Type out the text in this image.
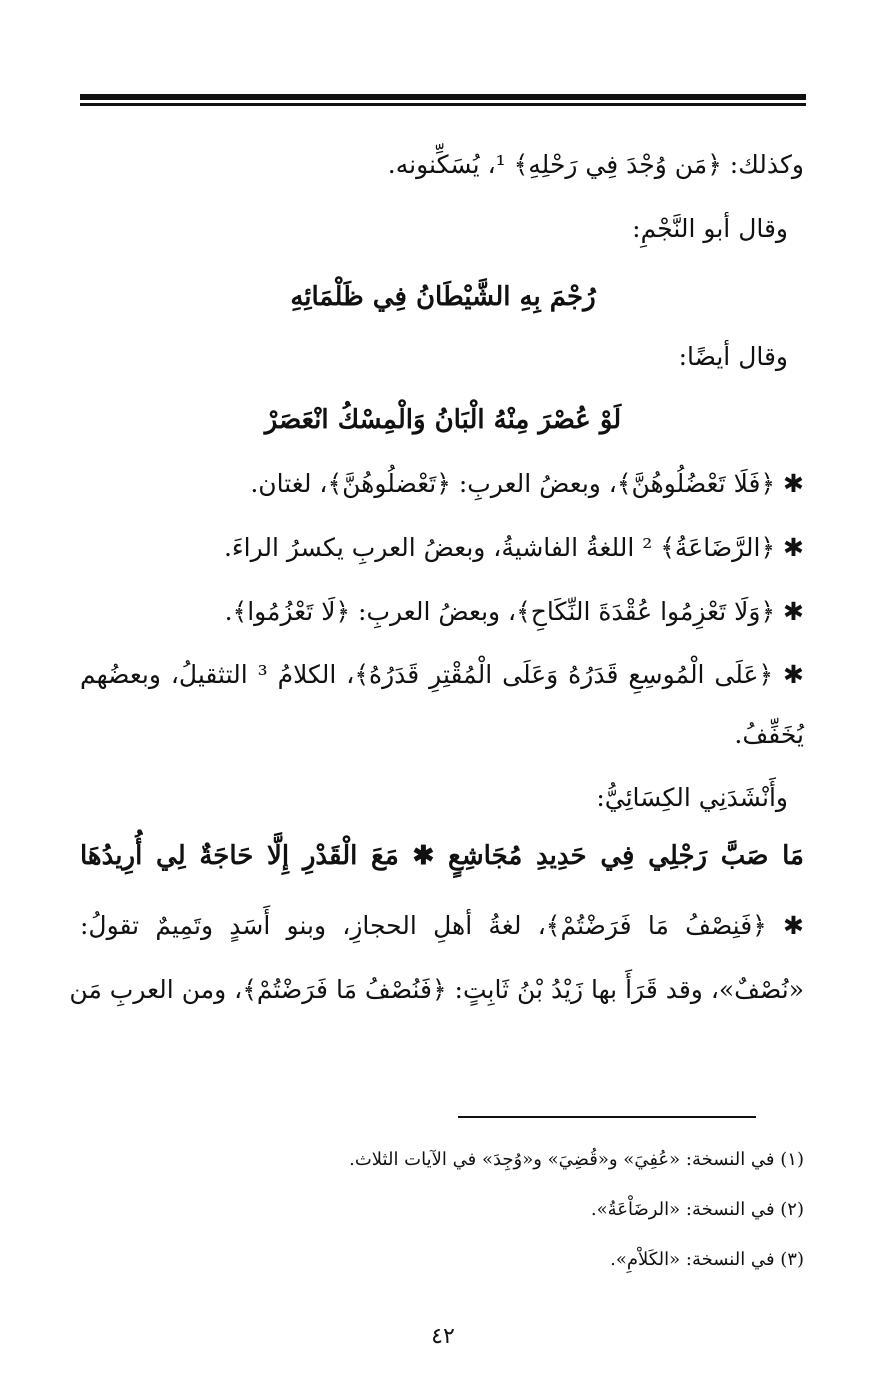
وكذلك: ﴿مَن وُجْدَ فِي رَحْلِهِ﴾ ¹، يُسَكِّنونه.
وقال أبو النَّجْمِ:
رُجْمَ بِهِ الشَّيْطَانُ فِي ظَلْمَائِهِ
وقال أيضًا:
لَوْ عُصْرَ مِنْهُ الْبَانُ وَالْمِسْكُ انْعَصَرْ
✱ ﴿فَلَا تَعْضُلُوهُنَّ﴾، وبعضُ العربِ: ﴿تَعْضلُوهُنَّ﴾، لغتان.
✱ ﴿الرَّضَاعَةُ﴾ ² اللغةُ الفاشيةُ، وبعضُ العربِ يكسرُ الراءَ.
✱ ﴿وَلَا تَعْزِمُوا عُقْدَةَ النِّكَاحِ﴾، وبعضُ العربِ: ﴿لَا تَعْزُمُوا﴾.
✱ ﴿عَلَى الْمُوسِعِ قَدَرُهُ وَعَلَى الْمُقْتِرِ قَدَرُهُ﴾، الكلامُ ³ التثقيلُ، وبعضُهم
يُخَفِّفُ.
وأَنْشَدَنِي الكِسَائِيُّ:
مَا صَبَّ رَجْلِي فِي حَدِيدِ مُجَاشِعٍ ✱ مَعَ الْقَدْرِ إِلَّا حَاجَةٌ لِي أُرِيدُهَا
✱ ﴿فَنِصْفُ مَا فَرَضْتُمْ﴾، لغةُ أهلِ الحجازِ، وبنو أَسَدٍ وتَمِيمٌ تقولُ:
«نُصْفٌ»، وقد قَرَأَ بها زَيْدُ بْنُ ثَابِتٍ: ﴿فَنُصْفُ مَا فَرَضْتُمْ﴾، ومن العربِ مَن
(١) في النسخة: «عُفِيَ» و«قُضِيَ» و«وُجِدَ» في الآيات الثلاث.
(٢) في النسخة: «الرضَاْعَةُ».
(٣) في النسخة: «الكَلاْمِ».
٤٢
